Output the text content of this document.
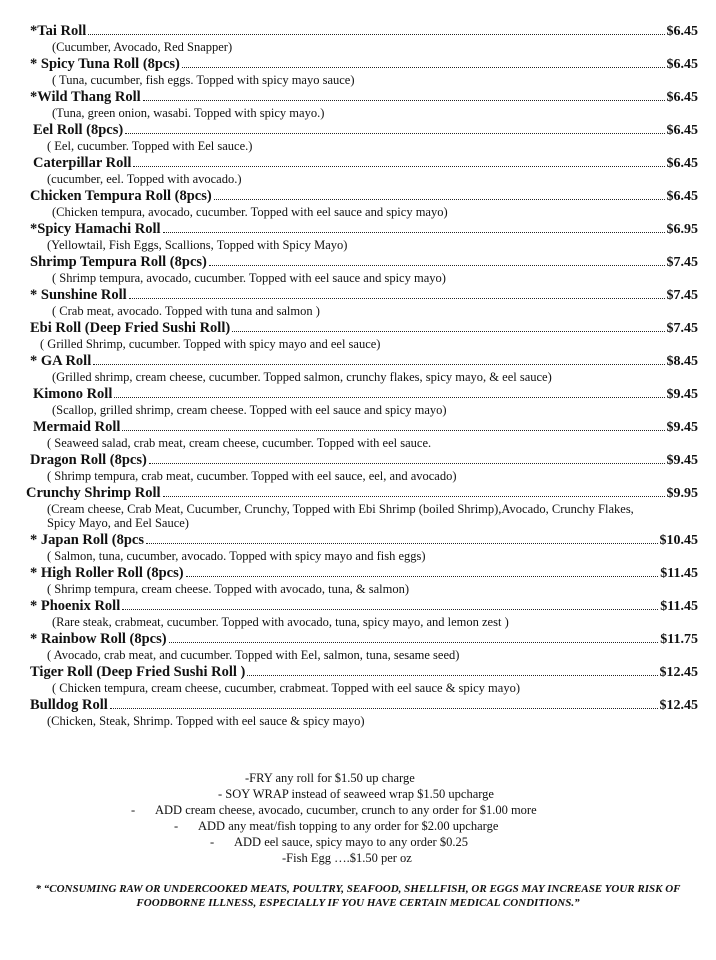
*Tai Roll	$6.45
(Cucumber, Avocado, Red Snapper)
* Spicy Tuna Roll (8pcs)	$6.45
( Tuna, cucumber, fish eggs. Topped with spicy mayo sauce)
*Wild Thang Roll	$6.45
(Tuna, green onion, wasabi. Topped with spicy mayo.)
Eel Roll (8pcs)	$6.45
( Eel, cucumber. Topped with Eel sauce.)
Caterpillar Roll	$6.45
(cucumber, eel. Topped with avocado.)
Chicken Tempura Roll (8pcs)	$6.45
(Chicken tempura, avocado, cucumber. Topped with eel sauce and spicy mayo)
*Spicy Hamachi Roll	$6.95
(Yellowtail, Fish Eggs, Scallions, Topped with Spicy Mayo)
Shrimp Tempura Roll (8pcs)	$7.45
( Shrimp tempura, avocado, cucumber. Topped with eel sauce and spicy mayo)
* Sunshine Roll	$7.45
( Crab meat, avocado. Topped with tuna and salmon )
Ebi Roll (Deep Fried Sushi Roll)	$7.45
( Grilled Shrimp, cucumber. Topped with spicy mayo and eel sauce)
* GA Roll	$8.45
(Grilled shrimp, cream cheese, cucumber. Topped salmon, crunchy flakes, spicy mayo, & eel sauce)
Kimono Roll	$9.45
(Scallop, grilled shrimp, cream cheese. Topped with eel sauce and spicy mayo)
Mermaid Roll	$9.45
( Seaweed salad, crab meat, cream cheese, cucumber. Topped with eel sauce.
Dragon Roll (8pcs)	$9.45
( Shrimp tempura, crab meat, cucumber. Topped with eel sauce, eel, and avocado)
Crunchy Shrimp Roll	$9.95
(Cream cheese, Crab Meat, Cucumber, Crunchy, Topped with Ebi Shrimp (boiled Shrimp),Avocado, Crunchy Flakes, Spicy Mayo, and Eel Sauce)
* Japan Roll (8pcs	$10.45
( Salmon, tuna, cucumber, avocado. Topped with spicy mayo and fish eggs)
* High Roller Roll (8pcs)	$11.45
( Shrimp tempura, cream cheese. Topped with avocado, tuna, & salmon)
* Phoenix Roll	$11.45
(Rare steak, crabmeat, cucumber. Topped with avocado, tuna, spicy mayo, and lemon zest )
* Rainbow Roll (8pcs)	$11.75
( Avocado, crab meat, and cucumber. Topped with Eel, salmon, tuna, sesame seed)
Tiger Roll (Deep Fried Sushi Roll )	$12.45
( Chicken tempura, cream cheese, cucumber, crabmeat. Topped with eel sauce & spicy mayo)
Bulldog Roll	$12.45
(Chicken, Steak, Shrimp. Topped with eel sauce & spicy mayo)
-FRY any roll for $1.50 up charge
- SOY WRAP instead of seaweed wrap $1.50 upcharge
- ADD cream cheese, avocado, cucumber, crunch to any order for $1.00 more
- ADD any meat/fish topping to any order for $2.00 upcharge
- ADD eel sauce, spicy mayo to any order $0.25
-Fish Egg ….$1.50 per oz
* “CONSUMING RAW OR UNDERCOOKED MEATS, POULTRY, SEAFOOD, SHELLFISH, OR EGGS MAY INCREASE YOUR RISK OF FOODBORNE ILLNESS, ESPECIALLY IF YOU HAVE CERTAIN MEDICAL CONDITIONS.”
